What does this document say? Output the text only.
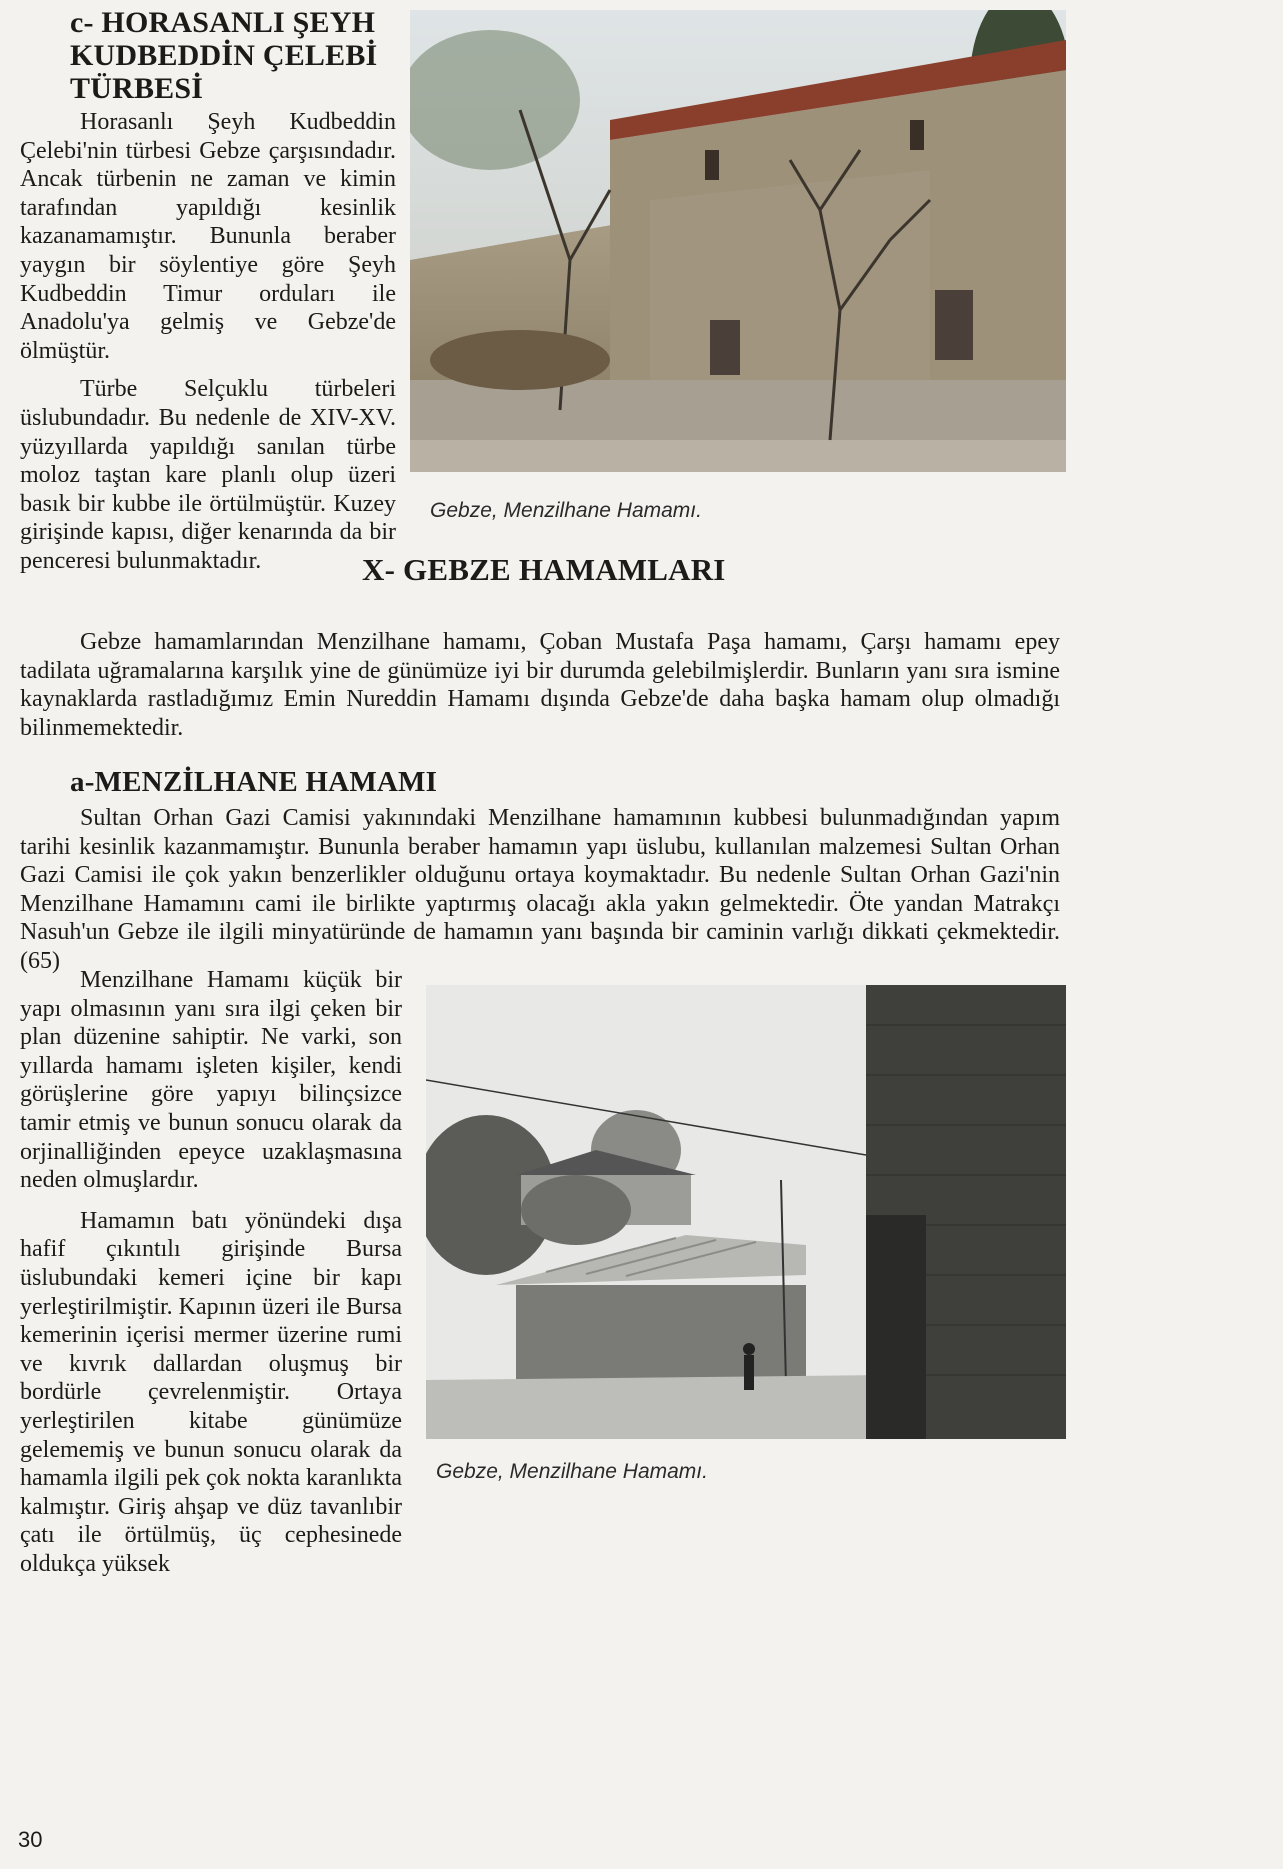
c- HORASANLI ŞEYH KUDBEDDİN ÇELEBİ TÜRBESİ

Horasanlı Şeyh Kudbeddin Çelebi'nin türbesi Gebze çarşısındadır. Ancak türbenin ne zaman ve kimin tarafından yapıldığı kesinlik kazanamamıştır. Bununla beraber yaygın bir söylentiye göre Şeyh Kudbeddin Timur orduları ile Anadolu'ya gelmiş ve Gebze'de ölmüştür.

Türbe Selçuklu türbeleri üslubundadır. Bu nedenle de XIV-XV. yüzyıllarda yapıldığı sanılan türbe moloz taştan kare planlı olup üzeri basık bir kubbe ile örtülmüştür. Kuzey girişinde kapısı, diğer kenarında da bir penceresi bulunmaktadır.

Gebze, Menzilhane Hamamı.
X- GEBZE HAMAMLARI

Gebze hamamlarından Menzilhane hamamı, Çoban Mustafa Paşa hamamı, Çarşı hamamı epey tadilata uğramalarına karşılık yine de günümüze iyi bir durumda gelebilmişlerdir. Bunların yanı sıra ismine kaynaklarda rastladığımız Emin Nureddin Hamamı dışında Gebze'de daha başka hamam olup olmadığı bilinmemektedir.

a-MENZİLHANE HAMAMI

Sultan Orhan Gazi Camisi yakınındaki Menzilhane hamamının kubbesi bulunmadığından yapım tarihi kesinlik kazanmamıştır. Bununla beraber hamamın yapı üslubu, kullanılan malzemesi Sultan Orhan Gazi Camisi ile çok yakın benzerlikler olduğunu ortaya koymaktadır. Bu nedenle Sultan Orhan Gazi'nin Menzilhane Hamamını cami ile birlikte yaptırmış olacağı akla yakın gelmektedir. Öte yandan Matrakçı Nasuh'un Gebze ile ilgili minyatüründe de hamamın yanı başında bir caminin varlığı dikkati çekmektedir.(65)

Menzilhane Hamamı küçük bir yapı olmasının yanı sıra ilgi çeken bir plan düzenine sahiptir. Ne varki, son yıllarda hamamı işleten kişiler, kendi görüşlerine göre yapıyı bilinçsizce tamir etmiş ve bunun sonucu olarak da orjinalliğinden epeyce uzaklaşmasına neden olmuşlardır.

Hamamın batı yönündeki dışa hafif çıkıntılı girişinde Bursa üslubundaki kemeri içine bir kapı yerleştirilmiştir. Kapının üzeri ile Bursa kemerinin içerisi mermer üzerine rumi ve kıvrık dallardan oluşmuş bir bordürle çevrelenmiştir. Ortaya yerleştirilen kitabe günümüze gelememiş ve bunun sonucu olarak da hamamla ilgili pek çok nokta karanlıkta kalmıştır. Giriş ahşap ve düz tavanlıbir çatı ile örtülmüş, üç cephesinede oldukça yüksek

Gebze, Menzilhane Hamamı.
30
